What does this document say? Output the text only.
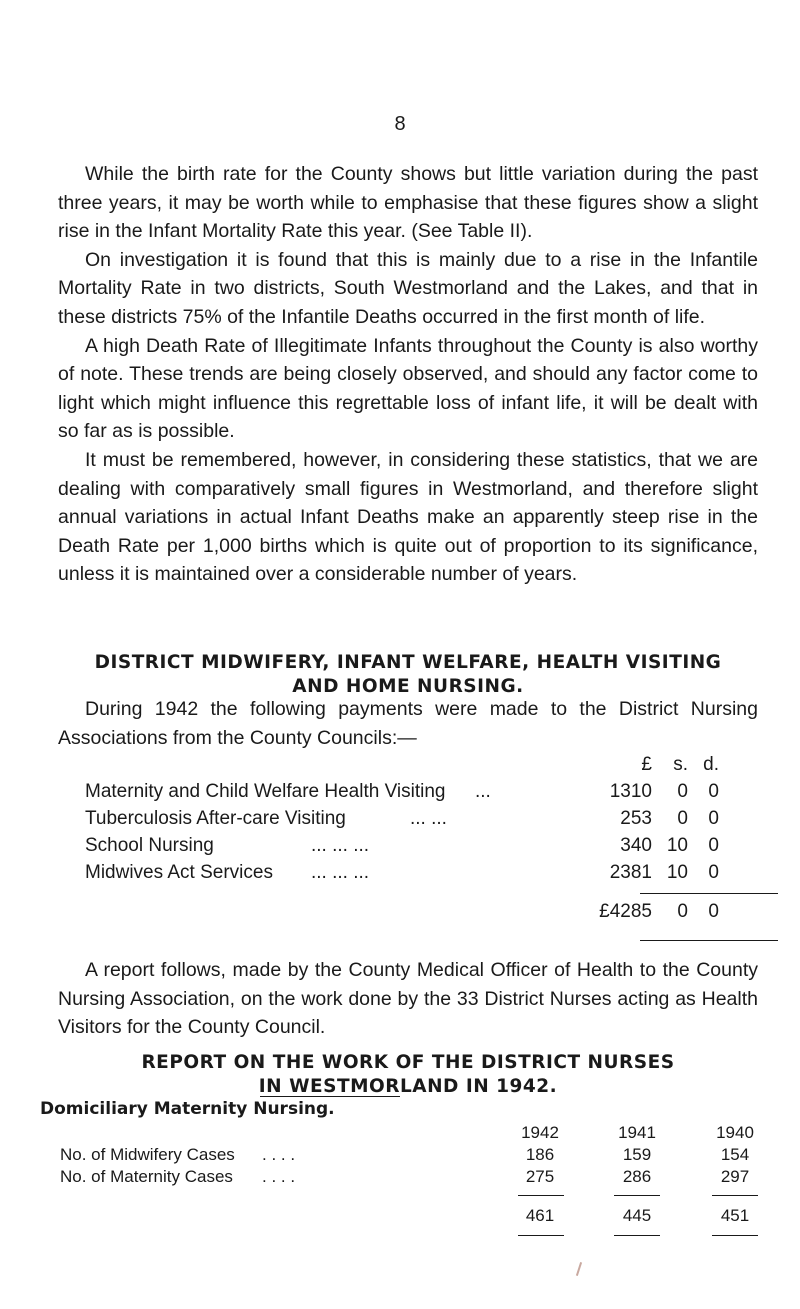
8

While the birth rate for the County shows but little variation during the past three years, it may be worth while to emphasise that these figures show a slight rise in the Infant Mortality Rate this year. (See Table II).

On investigation it is found that this is mainly due to a rise in the Infantile Mortality Rate in two districts, South Westmorland and the Lakes, and that in these districts 75% of the Infantile Deaths occurred in the first month of life.

A high Death Rate of Illegitimate Infants throughout the County is also worthy of note. These trends are being closely observed, and should any factor come to light which might influence this regrettable loss of infant life, it will be dealt with so far as is possible.

It must be remembered, however, in considering these statistics, that we are dealing with comparatively small figures in Westmorland, and therefore slight annual variations in actual Infant Deaths make an apparently steep rise in the Death Rate per 1,000 births which is quite out of proportion to its significance, unless it is maintained over a considerable number of years.

DISTRICT MIDWIFERY, INFANT WELFARE, HEALTH VISITING
AND HOME NURSING.

During 1942 the following payments were made to the District Nursing Associations from the County Councils:—

£	s. d.
Maternity and Child Welfare Health Visiting ...	1310	0	0
Tuberculosis After-care Visiting	... ...	253	0	0
School Nursing	... ... ...	340 10	0
Midwives Act Services ... ... ...	2381 10	0
£4285	0	0

A report follows, made by the County Medical Officer of Health to the County Nursing Association, on the work done by the 33 District Nurses acting as Health Visitors for the County Council.

REPORT ON THE WORK OF THE DISTRICT NURSES
IN WESTMORLAND IN 1942.
Domiciliary Maternity Nursing.
1942	1941	1940
No. of Midwifery Cases . . . .	186	159	154
No. of Maternity Cases . . . .	275	286	297
461	445	451
